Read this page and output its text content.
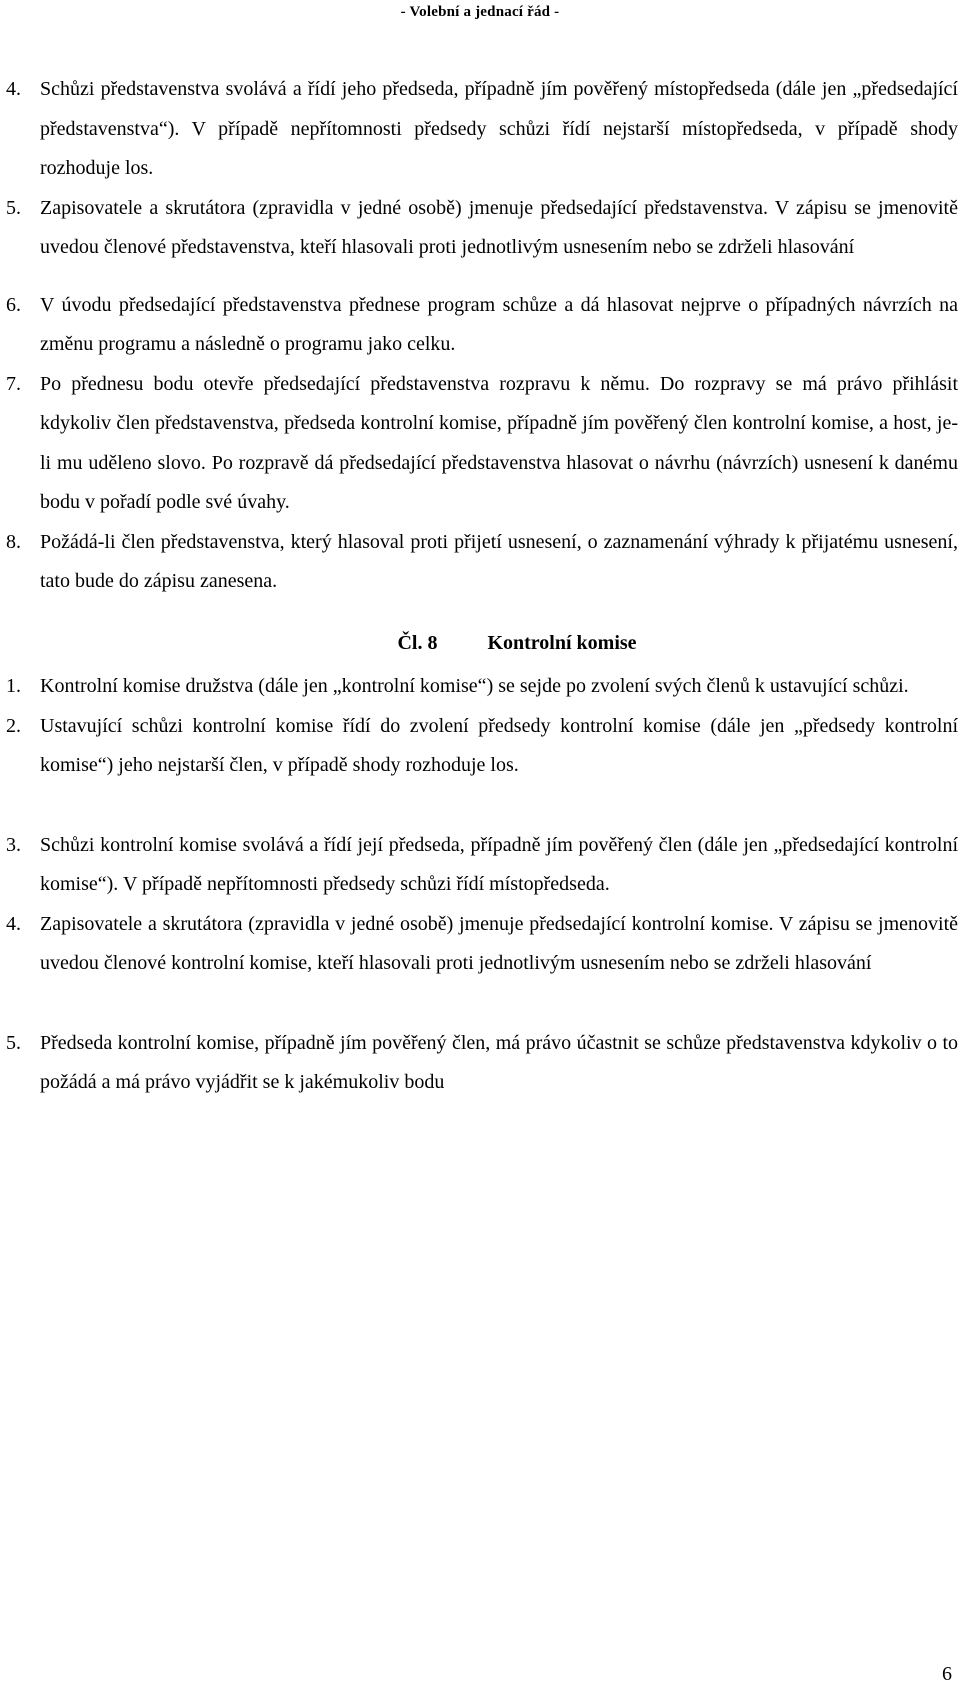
- Volební a jednací řád -
4. Schůzi představenstva svolává a řídí jeho předseda, případně jím pověřený místopředseda (dále jen „předsedající představenstva“). V případě nepřítomnosti předsedy schůzi řídí nejstarší místopředseda, v případě shody rozhoduje los.
5. Zapisovatele a skrutátora (zpravidla v jedné osobě) jmenuje předsedající představenstva. V zápisu se jmenovitě uvedou členové představenstva, kteří hlasovali proti jednotlivým usnesením nebo se zdrželi hlasování
6. V úvodu předsedající představenstva přednese program schůze a dá hlasovat nejprve o případných návrzích na změnu programu a následně o programu jako celku.
7. Po přednesu bodu otevře předsedající představenstva rozpravu k němu. Do rozpravy se má právo přihlásit kdykoliv člen představenstva, předseda kontrolní komise, případně jím pověřený člen kontrolní komise, a host, je-li mu uděleno slovo. Po rozpravě dá předsedající představenstva hlasovat o návrhu (návrzích) usnesení k danému bodu v pořadí podle své úvahy.
8. Požádá-li člen představenstva, který hlasoval proti přijetí usnesení, o zaznamenání výhrady k přijatému usnesení, tato bude do zápisu zanesena.
Čl. 8	Kontrolní komise
1. Kontrolní komise družstva (dále jen „kontrolní komise“) se sejde po zvolení svých členů k ustavující schůzi.
2. Ustavující schůzi kontrolní komise řídí do zvolení předsedy kontrolní komise (dále jen „předsedy kontrolní komise“) jeho nejstarší člen, v případě shody rozhoduje los.
3. Schůzi kontrolní komise svolává a řídí její předseda, případně jím pověřený člen (dále jen „předsedající kontrolní komise“). V případě nepřítomnosti předsedy schůzi řídí místopředseda.
4. Zapisovatele a skrutátora (zpravidla v jedné osobě) jmenuje předsedající kontrolní komise. V zápisu se jmenovitě uvedou členové kontrolní komise, kteří hlasovali proti jednotlivým usnesením nebo se zdrželi hlasování
5. Předseda kontrolní komise, případně jím pověřený člen, má právo účastnit se schůze představenstva kdykoliv o to požádá a má právo vyjádřit se k jakémukoliv bodu
6
